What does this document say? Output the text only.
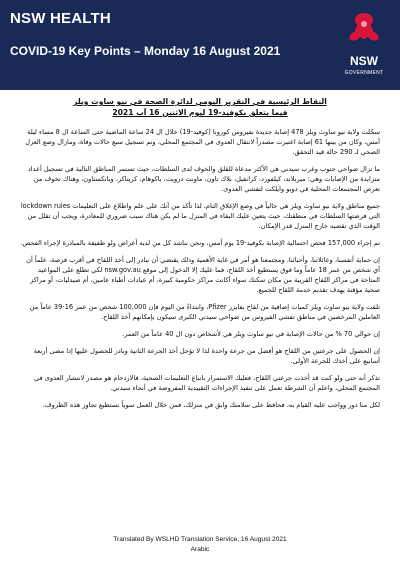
NSW HEALTH
COVID-19 Key Points – Monday 16 August 2021
NSW
GOVERNMENT
النقاط الرئيسية في التقرير اليومي لدائرة الصحة في نيو ساوث ويلز
فيما يتعلق بكوفيد-19 ليوم الاثنين 16 آب 2021

سجّلت ولاية نيو ساوث ويلز 478 إصابة جديدة بفيروس كورونا (كوفيد-19) خلال ال 24 ساعة الماضية حتى الساعة ال 8 مساء ليلة أمس، وكان من بينها 61 إصابة اعتبرت مصدراً لانتقال العدوى في المجتمع المحلي، وتم تسجيل سبع حالات وفاة، ومازال وضع العزل الصحي لـ 290 حالة قيد التحقق.

ما تزال ضواحي جنوب وغرب سيدني هي الأكثر مدعاة للقلق والخوف لدى السلطات، حيث تستمر المناطق التالية في تسجيل أعداد متزايدة من الإصابات وهي: ميربلاند، كيلفورد، كرانفيل، بلاك تاون، ماونت درويت، باكوهام، كريتاكر، وبانكستاون، وهناك تخوف من تعرض المجتمعات المحلية في دوبو وايلكت لتفشي العدوى.

جميع مناطق ولاية نيو ساوث ويلز هي حالياً في وضع الإغلاق التام، لذا تأكد من أنك على علم واطلاع على التعليمات lockdown rules التي فرضتها السلطات في منطقتك، حيث يتعين عليك البقاء في المنزل ما لم يكن هناك سبب ضروري للمغادرة، ويجب أن تقلل من الوقت الذي تقضيه خارج المنزل قدر الإمكان.

تم إجراء 157,000 فحص احتمالية الإصابة بكوفيد-19 يوم أمس، ونحن نناشد كل من لديه أعراض ولو طفيفة بالمبادرة لإجراء الفحص.

إن حماية أنفسنا، وعائلاتنا، وأحبائنا، ومجتمعنا هو أمر في غاية الأهمية وذلك يقتضي أن نبادر إلى أخذ اللقاح في أقرب فرصة، علماً أن أي شخص من عمر 18 عاماً وما فوق يستطيع أخذ اللقاح، فما عليك إلا الدخول إلى موقع nsw.gov.au لكي تطلع على المواعيد المتاحة في مراكز اللقاح القريبة من مكان سكنك سواء أكانت مراكز حكومية كبيرة، أم عيادات أطباء عامين، أم صيدليات، أو مراكز صحية مؤقتة يهدف تقديم خدمة اللقاح للجميع.

تلقت ولاية نيو ساوث ويلز كميات إضافية من لقاح بفايزر Pfizer، وابتداءً من اليوم فإن 100,000 شخص من عمر 16-39 عاماً من العاملين المرخصين في مناطق تفشي الفيروس من ضواحي سيدني الكبرى سيكون بإمكانهم أخذ اللقاح.

إن حوالي 70 % من حالات الإصابة في نيو ساوث ويلز هي لأشخاص دون ال 40 عاماً من العمر.

إن الحصول على جرعتين من اللقاح هو أفضل من جرعة واحدة لذا لا تؤجل أخذ الجرعة الثانية وبادر للحصول عليها إذا مضى أربعة أسابيع على أخذك للجرعة الأولى.

تذكر أنه حتى ولو كنت قد أخذت جرعتي اللقاح، فعليك الاستمرار باتباع التعليمات الصحية، فالازدحام هو مصدر لانتشار العدوى في المجتمع المحلي، واعلم أن الشرطة تعمل على تنفيذ الإجراءات التقييدية المفروضة في أنحاء سيدني.

لكل منا دور وواجب عليه القيام به، فحافظ على سلامتك وابق في منزلك، فمن خلال العمل سوياً نستطيع تجاوز هذه الظروف.

Translated By WSLHD Translation Service, 16 August 2021
Arabic
